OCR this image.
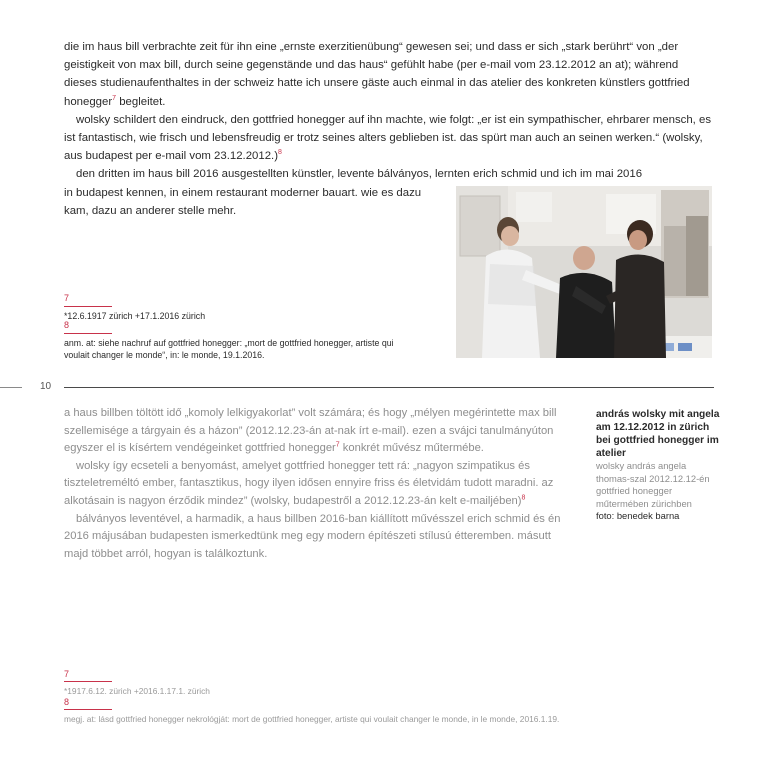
die im haus bill verbrachte zeit für ihn eine „ernste exerzitienübung“ gewesen sei; und dass er sich „stark berührt“ von „der geistigkeit von max bill, durch seine gegenstände und das haus“ gefühlt habe (per e-mail vom 23.12.2012 an at); während dieses studienaufenthaltes in der schweiz hatte ich unsere gäste auch einmal in das atelier des konkreten künstlers gottfried honegger$^7$ begleitet.

wolsky schildert den eindruck, den gottfried honegger auf ihn machte, wie folgt: „er ist ein sympathischer, ehrbarer mensch, es ist fantastisch, wie frisch und lebensfreudig er trotz seines alters geblieben ist. das spürt man auch an seinen werken.“ (wolsky, aus budapest per e-mail vom 23.12.2012.)$^8$

den dritten im haus bill 2016 ausgestellten künstler, levente bálványos, lernten erich schmid und ich im mai 2016

in budapest kennen, in einem restaurant moderner bauart. wie es dazu kam, dazu an anderer stelle mehr.

7
*12.6.1917 zürich +17.1.2016 zürich
8
anm. at: siehe nachruf auf gottfried honegger: „mort de gottfried honegger, artiste qui voulait changer le monde“, in: le monde, 19.1.2016.
10

a haus billben töltött idő „komoly lelkigyakorlat” volt számára; és hogy „mélyen megérintette max bill szellemisége a tárgyain és a házon” (2012.12.23-án at-nak írt e-mail). ezen a svájci tanulmányúton egyszer el is kísértem vendégeinket gottfried honegger$^7$ konkrét művész műtermébe.

wolsky így ecseteli a benyomást, amelyet gottfried honegger tett rá: „nagyon szimpatikus és tiszteletreméltó ember, fantasztikus, hogy ilyen idősen ennyire friss és életvidám tudott maradni. az alkotásain is nagyon érződik mindez” (wolsky, budapestről a 2012.12.23-án kelt e-mailjében)$^8$

bálványos leventével, a harmadik, a haus billben 2016-ban kiállított művésszel erich schmid és én 2016 májusában budapesten ismerkedtünk meg egy modern építészeti stílusú étteremben. másutt majd többet arról, hogyan is találkoztunk.

andrás wolsky mit angela am 12.12.2012 in zürich bei gottfried honegger im atelier
wolsky andrás angela thomas-szal 2012.12.12-én gottfried honegger műtermében zürichben
foto: benedek barna
7
*1917.6.12. zürich +2016.1.17.1. zürich
8
megj. at: lásd gottfried honegger nekrológját: mort de gottfried honegger, artiste qui voulait changer le monde, in le monde, 2016.1.19.
